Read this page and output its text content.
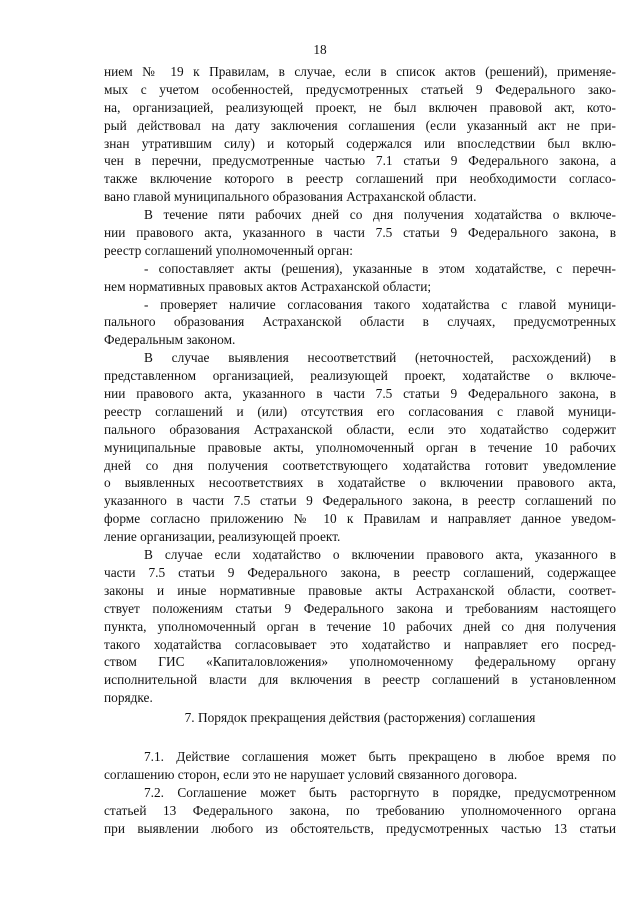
18
нием № 19 к Правилам, в случае, если в список актов (решений), применяе-
мых с учетом особенностей, предусмотренных статьей 9 Федерального зако-
на, организацией, реализующей проект, не был включен правовой акт, кото-
рый действовал на дату заключения соглашения (если указанный акт не при-
знан утратившим силу) и который содержался или впоследствии был вклю-
чен в перечни, предусмотренные частью 7.1 статьи 9 Федерального закона, а
также включение которого в реестр соглашений при необходимости согласо-
вано главой муниципального образования Астраханской области.
В течение пяти рабочих дней со дня получения ходатайства о включе-
нии правового акта, указанного в части 7.5 статьи 9 Федерального закона, в
реестр соглашений уполномоченный орган:
- сопоставляет акты (решения), указанные в этом ходатайстве, с перечн-
нем нормативных правовых актов Астраханской области;
- проверяет наличие согласования такого ходатайства с главой муници-
пального образования Астраханской области в случаях, предусмотренных
Федеральным законом.
В случае выявления несоответствий (неточностей, расхождений) в
представленном организацией, реализующей проект, ходатайстве о включе-
нии правового акта, указанного в части 7.5 статьи 9 Федерального закона, в
реестр соглашений и (или) отсутствия его согласования с главой муници-
пального образования Астраханской области, если это ходатайство содержит
муниципальные правовые акты, уполномоченный орган в течение 10 рабочих
дней со дня получения соответствующего ходатайства готовит уведомление
о выявленных несоответствиях в ходатайстве о включении правового акта,
указанного в части 7.5 статьи 9 Федерального закона, в реестр соглашений по
форме согласно приложению № 10 к Правилам и направляет данное уведом-
ление организации, реализующей проект.
В случае если ходатайство о включении правового акта, указанного в
части 7.5 статьи 9 Федерального закона, в реестр соглашений, содержащее
законы и иные нормативные правовые акты Астраханской области, соответ-
ствует положениям статьи 9 Федерального закона и требованиям настоящего
пункта, уполномоченный орган в течение 10 рабочих дней со дня получения
такого ходатайства согласовывает это ходатайство и направляет его посред-
ством ГИС «Капиталовложения» уполномоченному федеральному органу
исполнительной власти для включения в реестр соглашений в установленном
порядке.
7. Порядок прекращения действия (расторжения) соглашения
7.1. Действие соглашения может быть прекращено в любое время по
соглашению сторон, если это не нарушает условий связанного договора.
7.2. Соглашение может быть расторгнуто в порядке, предусмотренном
статьей 13 Федерального закона, по требованию уполномоченного органа
при выявлении любого из обстоятельств, предусмотренных частью 13 статьи
